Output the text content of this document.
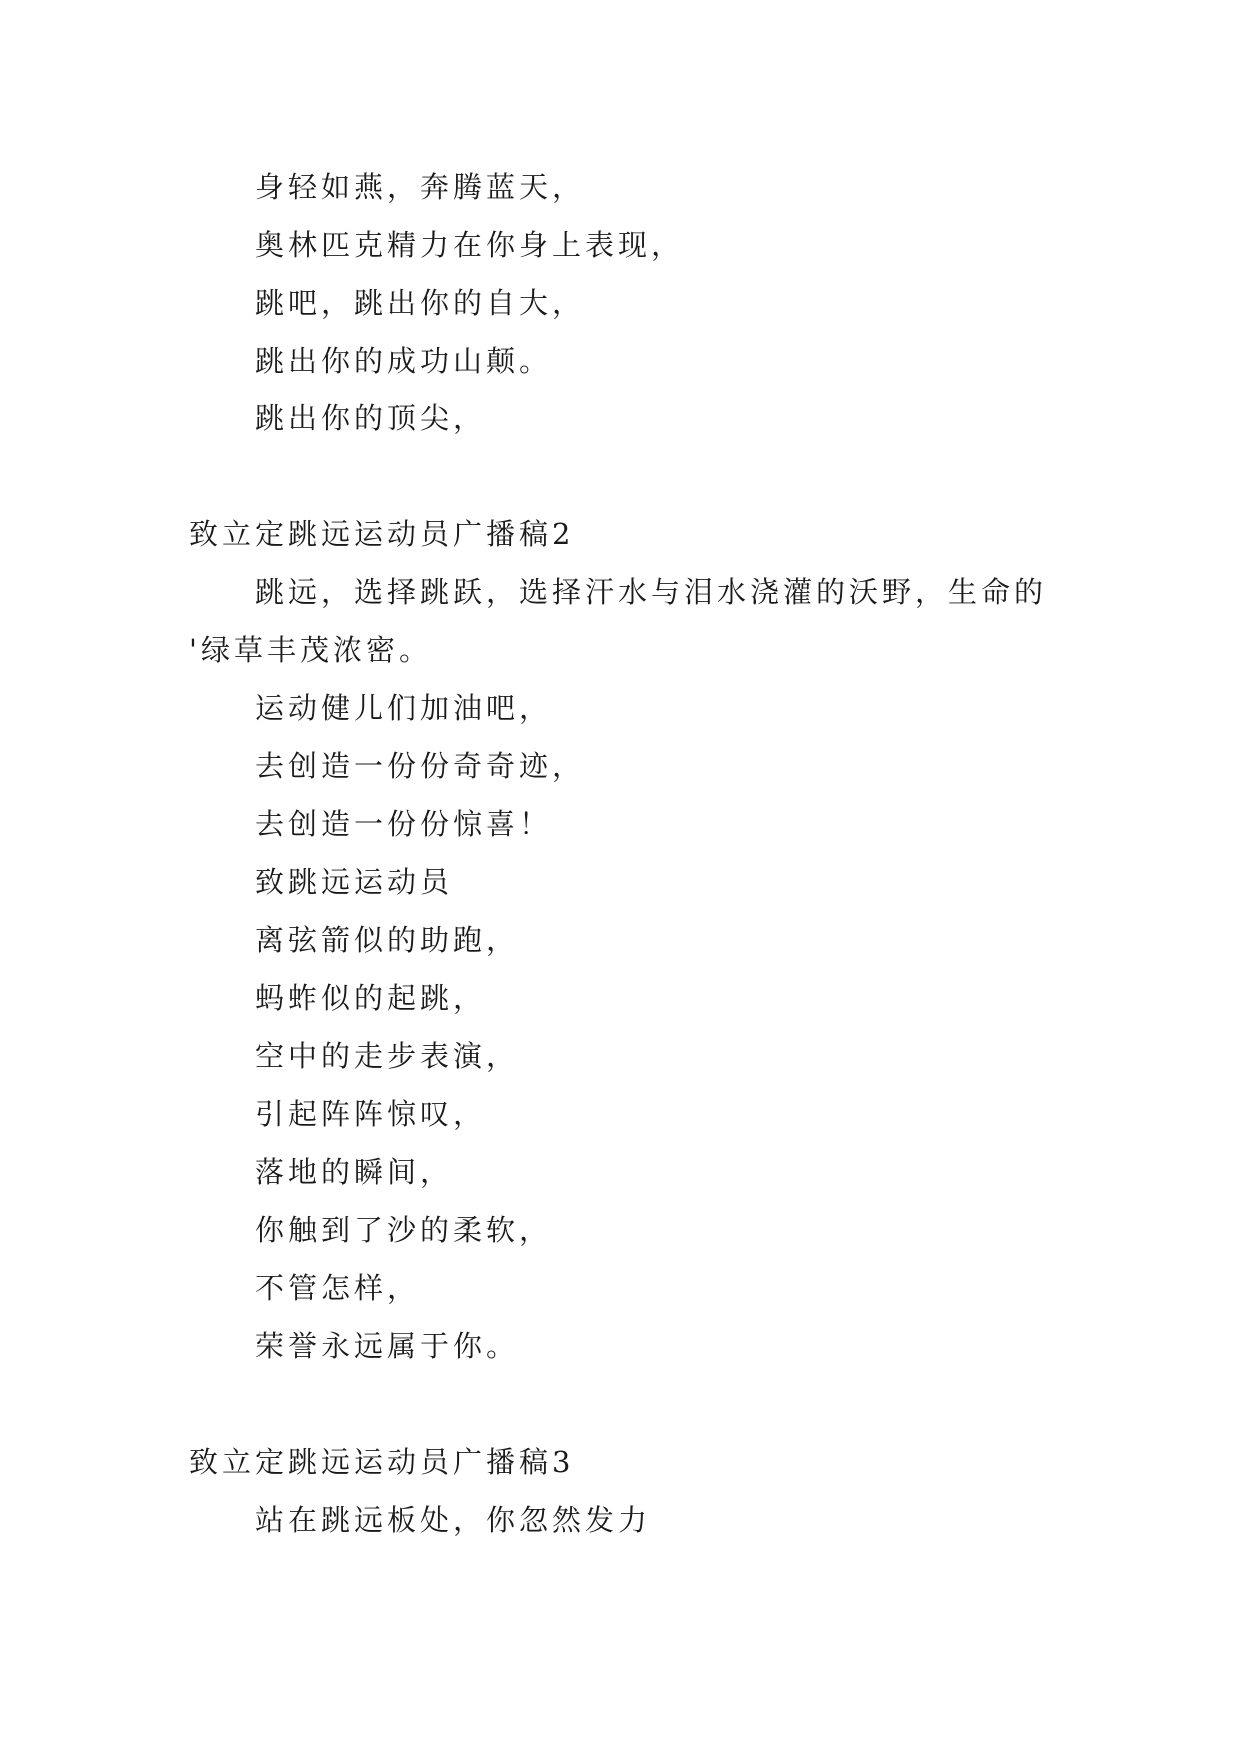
身轻如燕，奔腾蓝天，

奥林匹克精力在你身上表现，

跳吧，跳出你的自大，

跳出你的成功山颠。

跳出你的顶尖，

致立定跳远运动员广播稿2

跳远，选择跳跃，选择汗水与泪水浇灌的沃野，生命的

'绿草丰茂浓密。

运动健儿们加油吧，

去创造一份份奇奇迹，

去创造一份份惊喜！

致跳远运动员

离弦箭似的助跑，

蚂蚱似的起跳，

空中的走步表演，

引起阵阵惊叹，

落地的瞬间，

你触到了沙的柔软，

不管怎样，

荣誉永远属于你。

致立定跳远运动员广播稿3

站在跳远板处，你忽然发力
